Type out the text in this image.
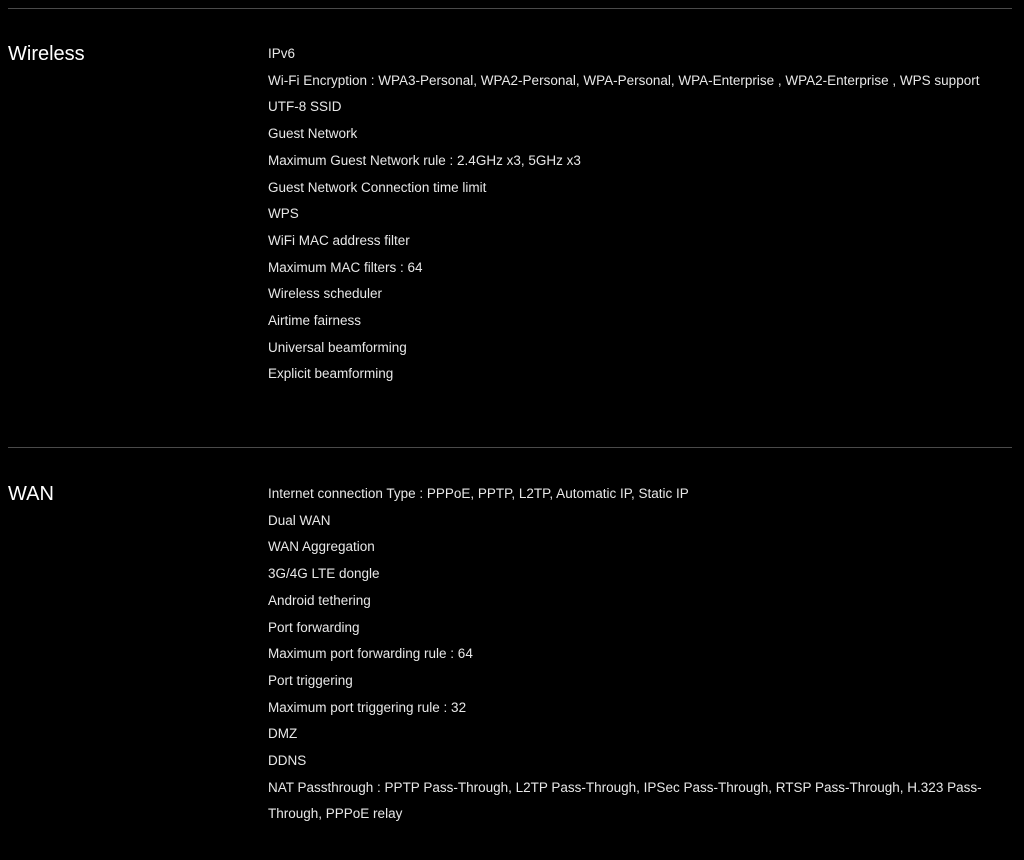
Wireless	IPv6
Wi-Fi Encryption : WPA3-Personal, WPA2-Personal, WPA-Personal, WPA-Enterprise , WPA2-Enterprise , WPS support
UTF-8 SSID
Guest Network
Maximum Guest Network rule : 2.4GHz x3, 5GHz x3
Guest Network Connection time limit
WPS
WiFi MAC address filter
Maximum MAC filters : 64
Wireless scheduler
Airtime fairness
Universal beamforming
Explicit beamforming
WAN	Internet connection Type : PPPoE, PPTP, L2TP, Automatic IP, Static IP
Dual WAN
WAN Aggregation
3G/4G LTE dongle
Android tethering
Port forwarding
Maximum port forwarding rule : 64
Port triggering
Maximum port triggering rule : 32
DMZ
DDNS
NAT Passthrough : PPTP Pass-Through, L2TP Pass-Through, IPSec Pass-Through, RTSP Pass-Through, H.323 Pass-Through, PPPoE relay
